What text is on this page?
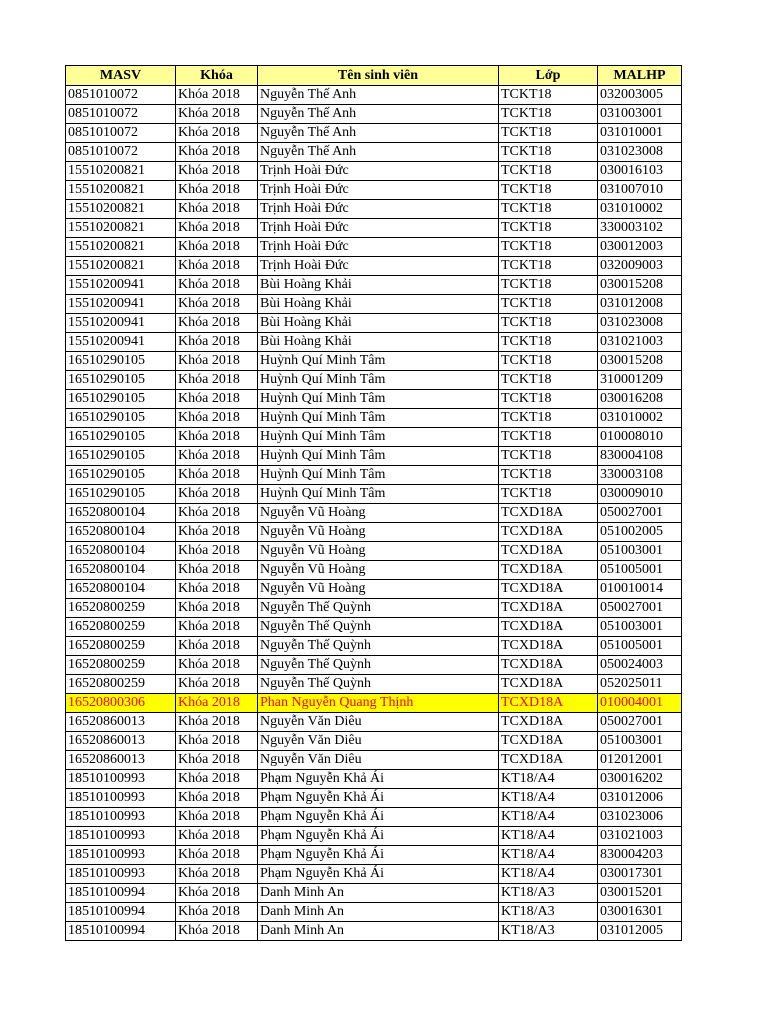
MASV	Khóa	Tên sinh viên	Lớp	MALHP
0851010072	Khóa 2018	Nguyễn Thế Anh	TCKT18	032003005
0851010072	Khóa 2018	Nguyễn Thế Anh	TCKT18	031003001
0851010072	Khóa 2018	Nguyễn Thế Anh	TCKT18	031010001
0851010072	Khóa 2018	Nguyễn Thế Anh	TCKT18	031023008
15510200821	Khóa 2018	Trịnh Hoài Đức	TCKT18	030016103
15510200821	Khóa 2018	Trịnh Hoài Đức	TCKT18	031007010
15510200821	Khóa 2018	Trịnh Hoài Đức	TCKT18	031010002
15510200821	Khóa 2018	Trịnh Hoài Đức	TCKT18	330003102
15510200821	Khóa 2018	Trịnh Hoài Đức	TCKT18	030012003
15510200821	Khóa 2018	Trịnh Hoài Đức	TCKT18	032009003
15510200941	Khóa 2018	Bùi Hoàng Khải	TCKT18	030015208
15510200941	Khóa 2018	Bùi Hoàng Khải	TCKT18	031012008
15510200941	Khóa 2018	Bùi Hoàng Khải	TCKT18	031023008
15510200941	Khóa 2018	Bùi Hoàng Khải	TCKT18	031021003
16510290105	Khóa 2018	Huỳnh Quí Minh Tâm	TCKT18	030015208
16510290105	Khóa 2018	Huỳnh Quí Minh Tâm	TCKT18	310001209
16510290105	Khóa 2018	Huỳnh Quí Minh Tâm	TCKT18	030016208
16510290105	Khóa 2018	Huỳnh Quí Minh Tâm	TCKT18	031010002
16510290105	Khóa 2018	Huỳnh Quí Minh Tâm	TCKT18	010008010
16510290105	Khóa 2018	Huỳnh Quí Minh Tâm	TCKT18	830004108
16510290105	Khóa 2018	Huỳnh Quí Minh Tâm	TCKT18	330003108
16510290105	Khóa 2018	Huỳnh Quí Minh Tâm	TCKT18	030009010
16520800104	Khóa 2018	Nguyễn Vũ Hoàng	TCXD18A	050027001
16520800104	Khóa 2018	Nguyễn Vũ Hoàng	TCXD18A	051002005
16520800104	Khóa 2018	Nguyễn Vũ Hoàng	TCXD18A	051003001
16520800104	Khóa 2018	Nguyễn Vũ Hoàng	TCXD18A	051005001
16520800104	Khóa 2018	Nguyễn Vũ Hoàng	TCXD18A	010010014
16520800259	Khóa 2018	Nguyễn Thế Quỳnh	TCXD18A	050027001
16520800259	Khóa 2018	Nguyễn Thế Quỳnh	TCXD18A	051003001
16520800259	Khóa 2018	Nguyễn Thế Quỳnh	TCXD18A	051005001
16520800259	Khóa 2018	Nguyễn Thế Quỳnh	TCXD18A	050024003
16520800259	Khóa 2018	Nguyễn Thế Quỳnh	TCXD18A	052025011
16520800306	Khóa 2018	Phan Nguyễn Quang Thịnh	TCXD18A	010004001
16520860013	Khóa 2018	Nguyễn Văn Diêu	TCXD18A	050027001
16520860013	Khóa 2018	Nguyễn Văn Diêu	TCXD18A	051003001
16520860013	Khóa 2018	Nguyễn Văn Diêu	TCXD18A	012012001
18510100993	Khóa 2018	Phạm Nguyễn Khả Ái	KT18/A4	030016202
18510100993	Khóa 2018	Phạm Nguyễn Khả Ái	KT18/A4	031012006
18510100993	Khóa 2018	Phạm Nguyễn Khả Ái	KT18/A4	031023006
18510100993	Khóa 2018	Phạm Nguyễn Khả Ái	KT18/A4	031021003
18510100993	Khóa 2018	Phạm Nguyễn Khả Ái	KT18/A4	830004203
18510100993	Khóa 2018	Phạm Nguyễn Khả Ái	KT18/A4	030017301
18510100994	Khóa 2018	Danh Minh An	KT18/A3	030015201
18510100994	Khóa 2018	Danh Minh An	KT18/A3	030016301
18510100994	Khóa 2018	Danh Minh An	KT18/A3	031012005
